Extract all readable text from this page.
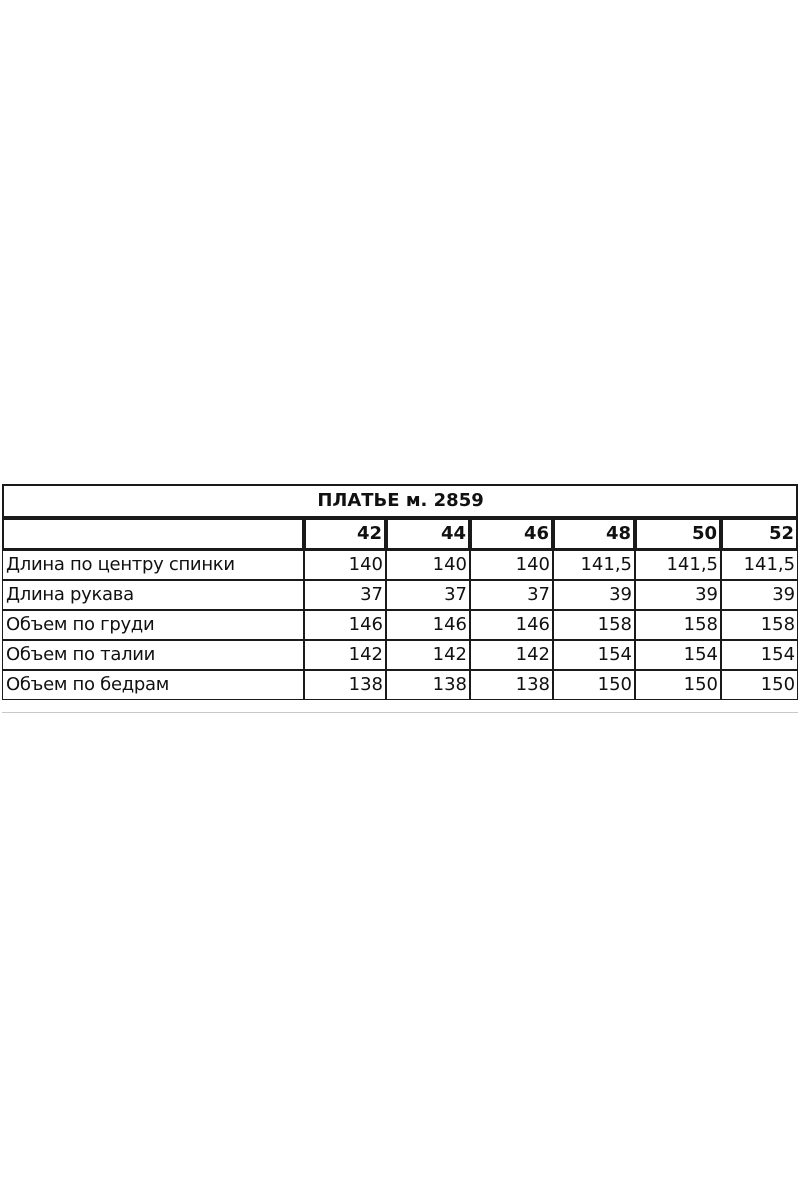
ПЛАТЬЕ м. 2859						
	42	44	46	48	50	52
Длина по центру спинки	140	140	140	141,5	141,5	141,5
Длина рукава	37	37	37	39	39	39
Объем по груди	146	146	146	158	158	158
Объем по талии	142	142	142	154	154	154
Объем по бедрам	138	138	138	150	150	150
